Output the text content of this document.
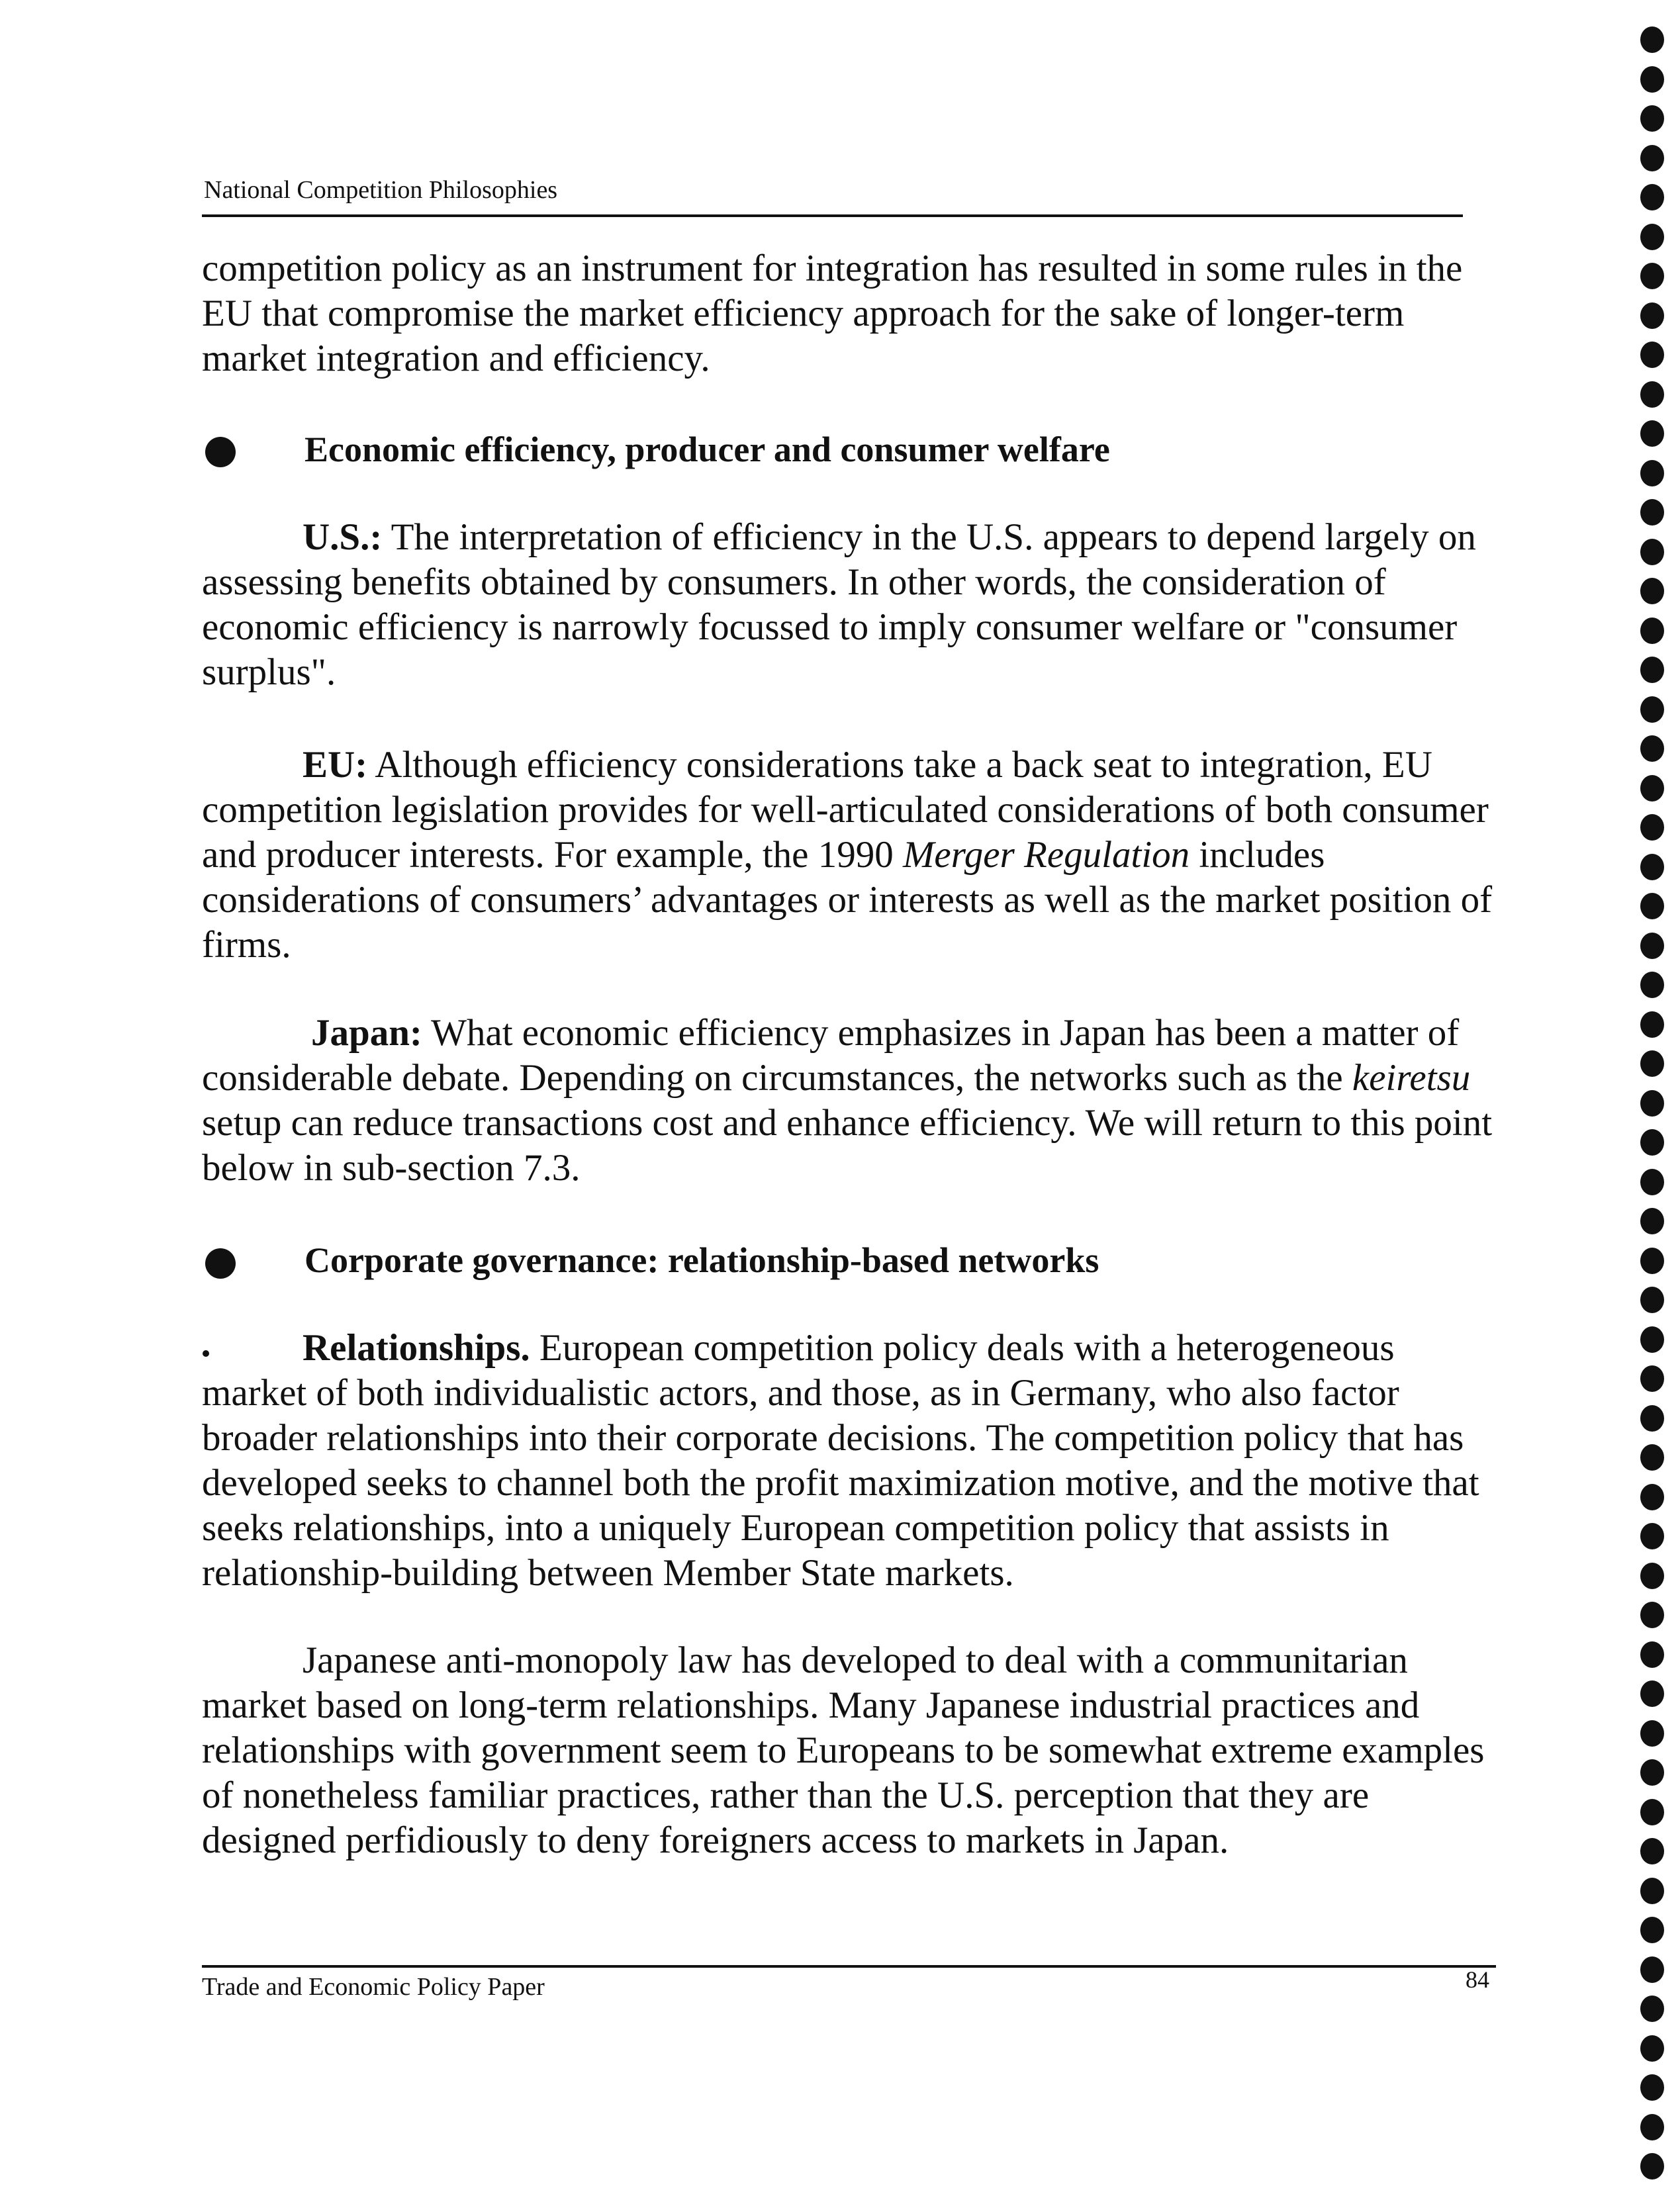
National Competition Philosophies
competition policy as an instrument for integration has resulted in some rules in the EU that compromise the market efficiency approach for the sake of longer-term market integration and efficiency.
Economic efficiency, producer and consumer welfare
U.S.: The interpretation of efficiency in the U.S. appears to depend largely on assessing benefits obtained by consumers. In other words, the consideration of economic efficiency is narrowly focussed to imply consumer welfare or "consumer surplus".
EU: Although efficiency considerations take a back seat to integration, EU competition legislation provides for well-articulated considerations of both consumer and producer interests. For example, the 1990 Merger Regulation includes considerations of consumers’ advantages or interests as well as the market position of firms.
Japan: What economic efficiency emphasizes in Japan has been a matter of considerable debate. Depending on circumstances, the networks such as the keiretsu setup can reduce transactions cost and enhance efficiency. We will return to this point below in sub-section 7.3.
Corporate governance: relationship-based networks
Relationships. European competition policy deals with a heterogeneous market of both individualistic actors, and those, as in Germany, who also factor broader relationships into their corporate decisions. The competition policy that has developed seeks to channel both the profit maximization motive, and the motive that seeks relationships, into a uniquely European competition policy that assists in relationship-building between Member State markets.
Japanese anti-monopoly law has developed to deal with a communitarian market based on long-term relationships. Many Japanese industrial practices and relationships with government seem to Europeans to be somewhat extreme examples of nonetheless familiar practices, rather than the U.S. perception that they are designed perfidiously to deny foreigners access to markets in Japan.
Trade and Economic Policy Paper	84
